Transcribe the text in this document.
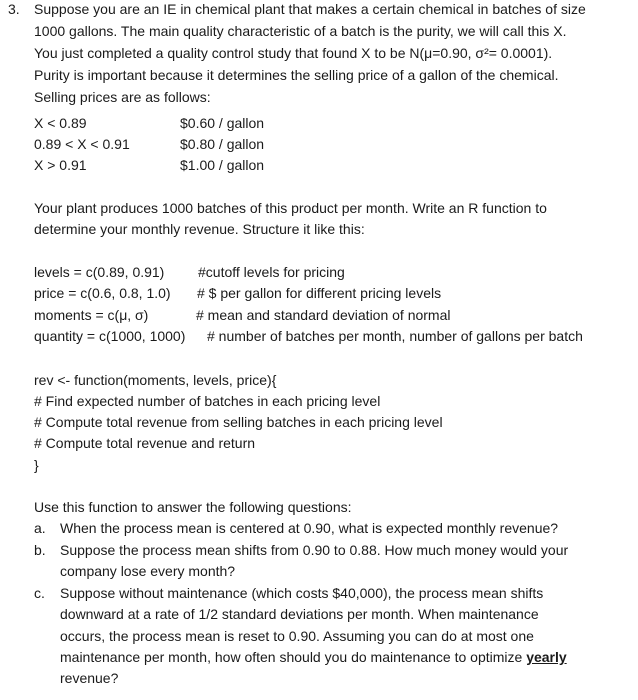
3. Suppose you are an IE in chemical plant that makes a certain chemical in batches of size
1000 gallons. The main quality characteristic of a batch is the purity, we will call this X.
You just completed a quality control study that found X to be N(μ=0.90, σ²= 0.0001).
Purity is important because it determines the selling price of a gallon of the chemical.
Selling prices are as follows:
X < 0.89	$0.60 / gallon
0.89 < X < 0.91	$0.80 / gallon
X > 0.91	$1.00 / gallon
Your plant produces 1000 batches of this product per month. Write an R function to
determine your monthly revenue. Structure it like this:
levels = c(0.89, 0.91) #cutoff levels for pricing
price = c(0.6, 0.8, 1.0) # $ per gallon for different pricing levels
moments = c(μ, σ)	# mean and standard deviation of normal
quantity = c(1000, 1000) # number of batches per month, number of gallons per batch
rev <- function(moments, levels, price){
# Find expected number of batches in each pricing level
# Compute total revenue from selling batches in each pricing level
# Compute total revenue and return
}
Use this function to answer the following questions:
a. When the process mean is centered at 0.90, what is expected monthly revenue?
b. Suppose the process mean shifts from 0.90 to 0.88. How much money would your
company lose every month?
c. Suppose without maintenance (which costs $40,000), the process mean shifts
downward at a rate of 1/2 standard deviations per month. When maintenance
occurs, the process mean is reset to 0.90. Assuming you can do at most one
maintenance per month, how often should you do maintenance to optimize yearly
revenue?
